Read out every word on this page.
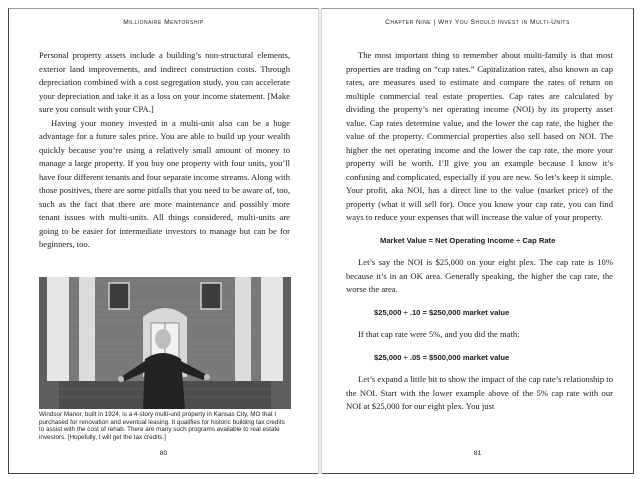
Millionaire Mentorship

Personal property assets include a building’s non-structural elements, exterior land improvements, and indirect construction costs. Through depreciation combined with a cost segregation study, you can accelerate your depreciation and take it as a loss on your income statement. [Make sure you consult with your CPA.]

Having your money invested in a multi-unit also can be a huge advantage for a future sales price. You are able to build up your wealth quickly because you’re using a relatively small amount of money to manage a large property. If you buy one property with four units, you’ll have four different tenants and four separate income streams. Along with those positives, there are some pitfalls that you need to be aware of, too, such as the fact that there are more maintenance and possibly more tenant issues with multi-units. All things considered, multi-units are going to be easier for intermediate investors to manage but can be for beginners, too.

Windsor Manor, built in 1924, is a 4-story multi-unit property in Kansas City, MO that I purchased for renovation and eventual leasing. It qualifies for historic building tax credits to assist with the cost of rehab. There are many such programs available to real estate investors. [Hopefully, I will get the tax credits.]
80
Chapter Nine | Why You Should Invest in Multi-Units

The most important thing to remember about multi-family is that most properties are trading on “cap rates.” Capitalization rates, also known as cap rates, are measures used to estimate and compare the rates of return on multiple commercial real estate properties. Cap rates are calculated by dividing the property’s net operating income (NOI) by its property asset value. Cap rates determine value, and the lower the cap rate, the higher the value of the property. Commercial properties also sell based on NOI. The higher the net operating income and the lower the cap rate, the more your property will be worth. I’ll give you an example because I know it’s confusing and complicated, especially if you are new. So let’s keep it simple. Your profit, aka NOI, has a direct line to the value (market price) of the property (what it will sell for). Once you know your cap rate, you can find ways to reduce your expenses that will increase the value of your property.

Market Value = Net Operating Income ÷ Cap Rate

Let’s say the NOI is $25,000 on your eight plex. The cap rate is 10% because it’s in an OK area. Generally speaking, the higher the cap rate, the worse the area.

$25,000 ÷ .10 = $250,000 market value

If that cap rate were 5%, and you did the math:

$25,000 ÷ .05 = $500,000 market value

Let’s expand a little bit to show the impact of the cap rate’s relationship to the NOI. Start with the lower example above of the 5% cap rate with our NOI at $25,000 for our eight plex. You just

81
